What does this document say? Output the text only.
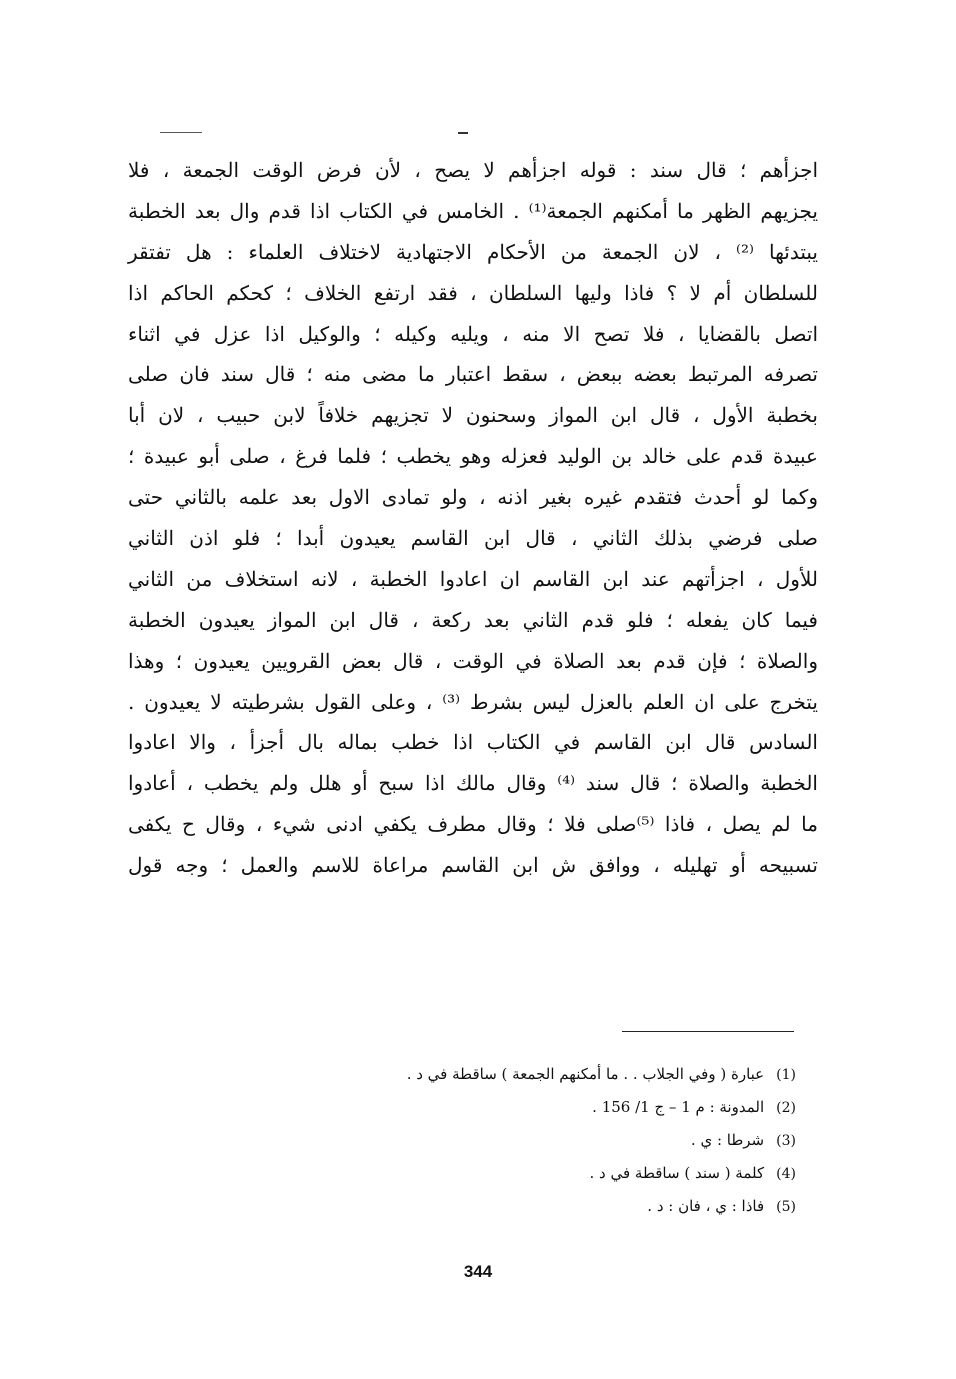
اجزأهم ؛ قال سند : قوله اجزأهم لا يصح ، لأن فرض الوقت الجمعة ، فلا
يجزيهم الظهر ما أمكنهم الجمعة⁽¹⁾ . الخامس في الكتاب اذا قدم وال بعد الخطبة
يبتدئها ⁽²⁾ ، لان الجمعة من الأحكام الاجتهادية لاختلاف العلماء : هل تفتقر
للسلطان أم لا ؟ فاذا وليها السلطان ، فقد ارتفع الخلاف ؛ كحكم الحاكم اذا
اتصل بالقضايا ، فلا تصح الا منه ، ويليه وكيله ؛ والوكيل اذا عزل في اثناء
تصرفه المرتبط بعضه ببعض ، سقط اعتبار ما مضى منه ؛ قال سند فان صلى
بخطبة الأول ، قال ابن المواز وسحنون لا تجزيهم خلافاً لابن حبيب ، لان أبا
عبيدة قدم على خالد بن الوليد فعزله وهو يخطب ؛ فلما فرغ ، صلى أبو عبيدة ؛
وكما لو أحدث فتقدم غيره بغير اذنه ، ولو تمادى الاول بعد علمه بالثاني حتى
صلى فرضي بذلك الثاني ، قال ابن القاسم يعيدون أبدا ؛ فلو اذن الثاني
للأول ، اجزأتهم عند ابن القاسم ان اعادوا الخطبة ، لانه استخلاف من الثاني
فيما كان يفعله ؛ فلو قدم الثاني بعد ركعة ، قال ابن المواز يعيدون الخطبة
والصلاة ؛ فإن قدم بعد الصلاة في الوقت ، قال بعض القرويين يعيدون ؛ وهذا
يتخرج على ان العلم بالعزل ليس بشرط ⁽³⁾ ، وعلى القول بشرطيته لا يعيدون .
السادس قال ابن القاسم في الكتاب اذا خطب بماله بال أجزأ ، والا اعادوا
الخطبة والصلاة ؛ قال سند ⁽⁴⁾ وقال مالك اذا سبح أو هلل ولم يخطب ، أعادوا
ما لم يصل ، فاذا ⁽⁵⁾صلى فلا ؛ وقال مطرف يكفي ادنى شيء ، وقال ح يكفى
تسبيحه أو تهليله ، ووافق ش ابن القاسم مراعاة للاسم والعمل ؛ وجه قول
(1)عبارة ( وفي الجلاب . . ما أمكنهم الجمعة ) ساقطة في د .
(2)المدونة : م 1 – ج 1/ 156 .
(3)شرطا : ي .
(4)كلمة ( سند ) ساقطة في د .
(5)فاذا : ي ، فان : د .
344
